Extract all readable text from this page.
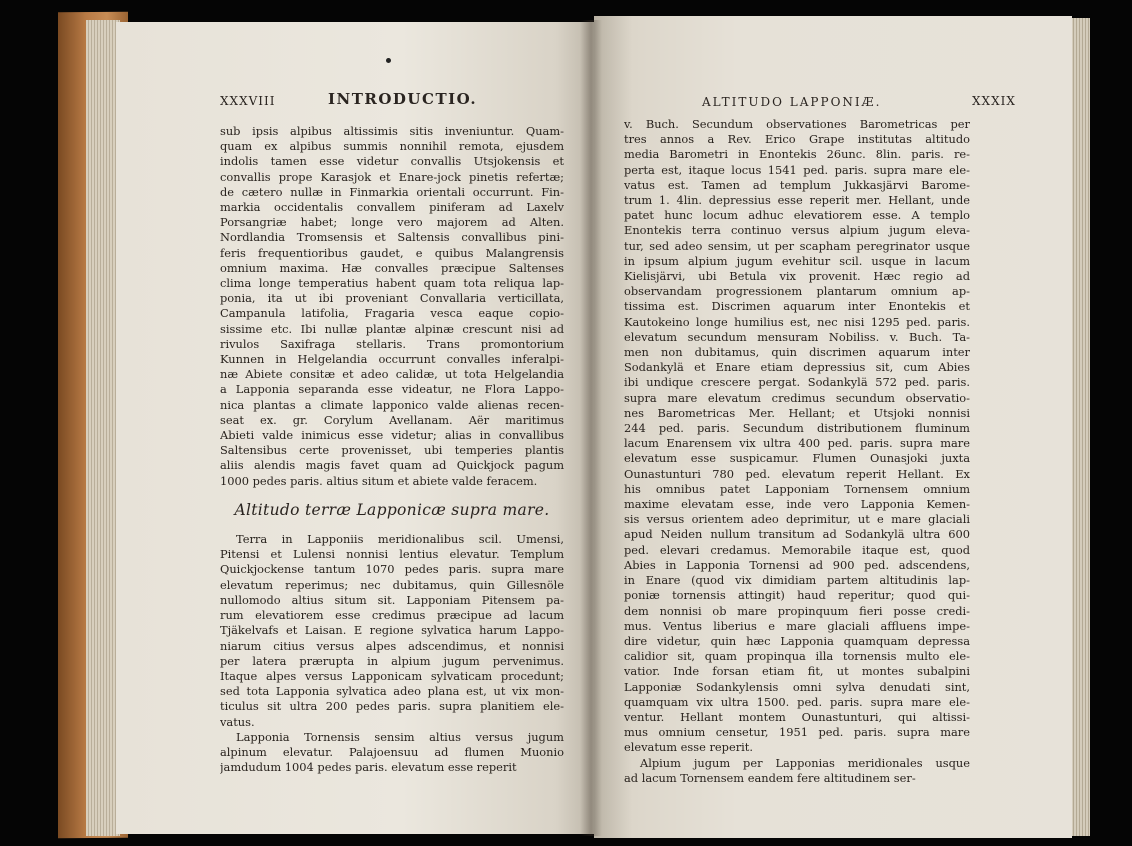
XXXVIII	INTRODUCTIO.

sub ipsis alpibus altissimis sitis inveniuntur. Quam-
quam ex alpibus summis nonnihil remota, ejusdem
indolis tamen esse videtur convallis Utsjokensis et
convallis prope Karasjok et Enare-jock pinetis refertæ;
de cætero nullæ in Finmarkia orientali occurrunt. Fin-
markia occidentalis convallem piniferam ad Laxelv
Porsangriæ habet; longe vero majorem ad Alten.
Nordlandia Tromsensis et Saltensis convallibus pini-
feris frequentioribus gaudet, e quibus Malangrensis
omnium maxima. Hæ convalles præcipue Saltenses
clima longe temperatius habent quam tota reliqua lap-
ponia, ita ut ibi proveniant Convallaria verticillata,
Campanula latifolia, Fragaria vesca eaque copio-
sissime etc. Ibi nullæ plantæ alpinæ crescunt nisi ad
rivulos Saxifraga stellaris. Trans promontorium
Kunnen in Helgelandia occurrunt convalles inferalpi-
næ Abiete consitæ et adeo calidæ, ut tota Helgelandia
a Lapponia separanda esse videatur, ne Flora Lappo-
nica plantas a climate lapponico valde alienas recen-
seat ex. gr. Corylum Avellanam. Aër maritimus
Abieti valde inimicus esse videtur; alias in convallibus
Saltensibus certe provenisset, ubi temperies plantis
aliis alendis magis favet quam ad Quickjock pagum
1000 pedes paris. altius situm et abiete valde feracem.

Altitudo terræ Lapponicæ supra mare.

Terra in Lapponiis meridionalibus scil. Umensi,
Pitensi et Lulensi nonnisi lentius elevatur. Templum
Quickjockense tantum 1070 pedes paris. supra mare
elevatum reperimus; nec dubitamus, quin Gillesnöle
nullomodo altius situm sit. Lapponiam Pitensem pa-
rum elevatiorem esse credimus præcipue ad lacum
Tjäkelvafs et Laisan. E regione sylvatica harum Lappo-
niarum citius versus alpes adscendimus, et nonnisi
per latera prærupta in alpium jugum pervenimus.
Itaque alpes versus Lapponicam sylvaticam procedunt;
sed tota Lapponia sylvatica adeo plana est, ut vix mon-
ticulus sit ultra 200 pedes paris. supra planitiem ele-
vatus.

Lapponia Tornensis sensim altius versus jugum
alpinum elevatur. Palajoensuu ad flumen Muonio
jamdudum 1004 pedes paris. elevatum esse reperit

ALTITUDO LAPPONIÆ.	XXXIX

v. Buch. Secundum observationes Barometricas per
tres annos a Rev. Erico Grape institutas altitudo
media Barometri in Enontekis 26unc. 8lin. paris. re-
perta est, itaque locus 1541 ped. paris. supra mare ele-
vatus est. Tamen ad templum Jukkasjärvi Barome-
trum 1. 4lin. depressius esse reperit mer. Hellant, unde
patet hunc locum adhuc elevatiorem esse. A templo
Enontekis terra continuo versus alpium jugum eleva-
tur, sed adeo sensim, ut per scapham peregrinator usque
in ipsum alpium jugum evehitur scil. usque in lacum
Kielisjärvi, ubi Betula vix provenit. Hæc regio ad
observandam progressionem plantarum omnium ap-
tissima est. Discrimen aquarum inter Enontekis et
Kautokeino longe humilius est, nec nisi 1295 ped. paris.
elevatum secundum mensuram Nobiliss. v. Buch. Ta-
men non dubitamus, quin discrimen aquarum inter
Sodankylä et Enare etiam depressius sit, cum Abies
ibi undique crescere pergat. Sodankylä 572 ped. paris.
supra mare elevatum credimus secundum observatio-
nes Barometricas Mer. Hellant; et Utsjoki nonnisi
244 ped. paris. Secundum distributionem fluminum
lacum Enarensem vix ultra 400 ped. paris. supra mare
elevatum esse suspicamur. Flumen Ounasjoki juxta
Ounastunturi 780 ped. elevatum reperit Hellant. Ex
his omnibus patet Lapponiam Tornensem omnium
maxime elevatam esse, inde vero Lapponia Kemen-
sis versus orientem adeo deprimitur, ut e mare glaciali
apud Neiden nullum transitum ad Sodankylä ultra 600
ped. elevari credamus. Memorabile itaque est, quod
Abies in Lapponia Tornensi ad 900 ped. adscendens,
in Enare (quod vix dimidiam partem altitudinis lap-
poniæ tornensis attingit) haud reperitur; quod qui-
dem nonnisi ob mare propinquum fieri posse credi-
mus. Ventus liberius e mare glaciali affluens impe-
dire videtur, quin hæc Lapponia quamquam depressa
calidior sit, quam propinqua illa tornensis multo ele-
vatior. Inde forsan etiam fit, ut montes subalpini
Lapponiæ Sodankylensis omni sylva denudati sint,
quamquam vix ultra 1500. ped. paris. supra mare ele-
ventur. Hellant montem Ounastunturi, qui altissi-
mus omnium censetur, 1951 ped. paris. supra mare
elevatum esse reperit.

Alpium jugum per Lapponias meridionales usque
ad lacum Tornensem eandem fere altitudinem ser-
